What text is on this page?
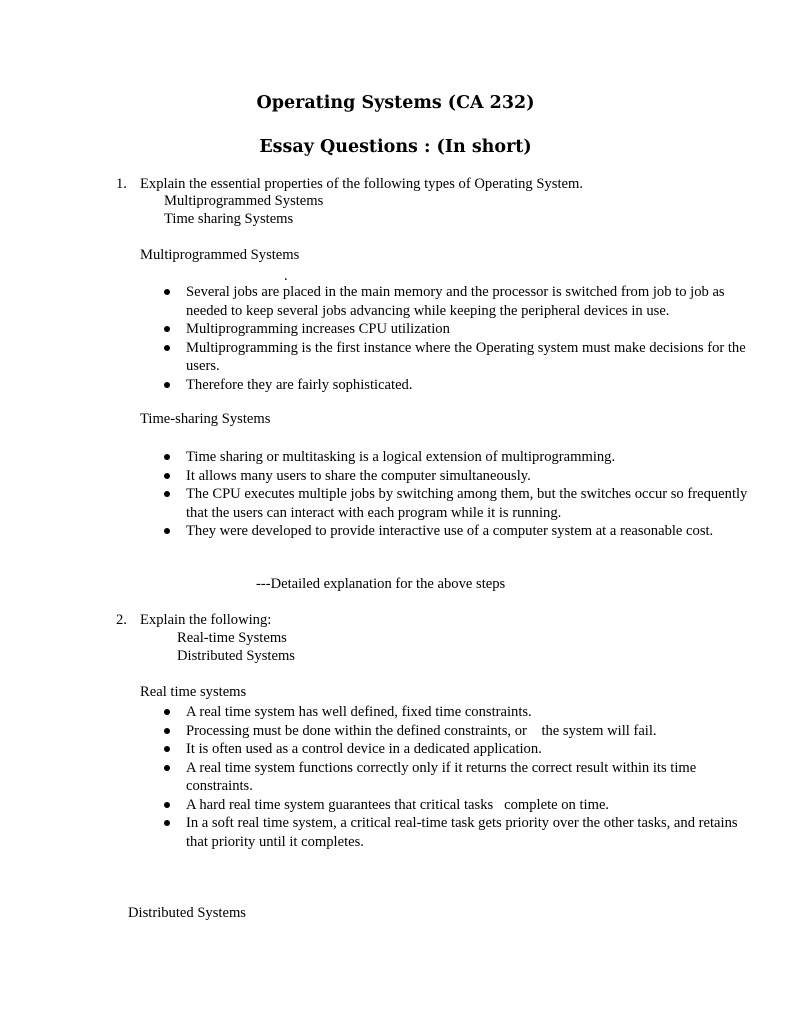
Operating Systems (CA 232)
Essay Questions : (In short)
1. Explain the essential properties of the following types of Operating System.
Multiprogrammed Systems
Time sharing Systems
Multiprogrammed Systems
.
Several jobs are placed in the main memory and the processor is switched from job to job as needed to keep several jobs advancing while keeping the peripheral devices in use.
Multiprogramming increases CPU utilization
Multiprogramming is the first instance where the Operating system must make decisions for the users.
Therefore they are fairly sophisticated.
Time-sharing Systems
Time sharing or multitasking is a logical extension of multiprogramming.
It allows many users to share the computer simultaneously.
The CPU executes multiple jobs by switching among them, but the switches occur so frequently that the users can interact with each program while it is running.
They were developed to provide interactive use of a computer system at a reasonable cost.
---Detailed explanation for the above steps
2. Explain the following:
Real-time Systems
Distributed Systems
Real time systems
A real time system has well defined, fixed time constraints.
Processing must be done within the defined constraints, or    the system will fail.
It is often used as a control device in a dedicated application.
A real time system functions correctly only if it returns the correct result within its time constraints.
A hard real time system guarantees that critical tasks   complete on time.
In a soft real time system, a critical real-time task gets priority over the other tasks, and retains that priority until it completes.
Distributed Systems
